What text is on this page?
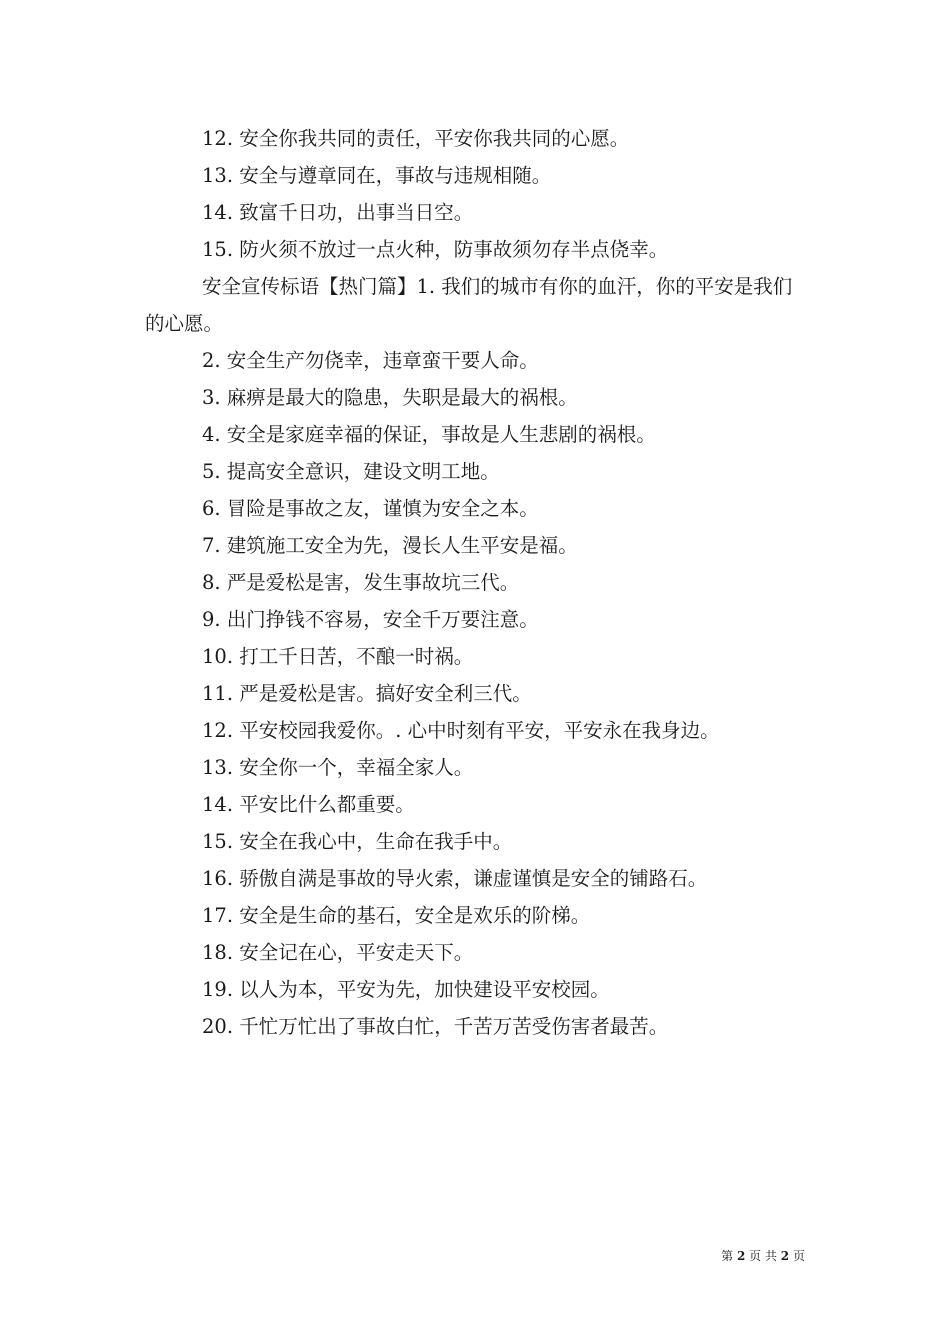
12. 安全你我共同的责任，平安你我共同的心愿。
13. 安全与遵章同在，事故与违规相随。
14. 致富千日功，出事当日空。
15. 防火须不放过一点火种，防事故须勿存半点侥幸。
安全宣传标语【热门篇】1. 我们的城市有你的血汗，你的平安是我们的心愿。
2. 安全生产勿侥幸，违章蛮干要人命。
3. 麻痹是最大的隐患，失职是最大的祸根。
4. 安全是家庭幸福的保证，事故是人生悲剧的祸根。
5. 提高安全意识，建设文明工地。
6. 冒险是事故之友，谨慎为安全之本。
7. 建筑施工安全为先，漫长人生平安是福。
8. 严是爱松是害，发生事故坑三代。
9. 出门挣钱不容易，安全千万要注意。
10. 打工千日苦，不酿一时祸。
11. 严是爱松是害。搞好安全利三代。
12. 平安校园我爱你。. 心中时刻有平安，平安永在我身边。
13. 安全你一个，幸福全家人。
14. 平安比什么都重要。
15. 安全在我心中，生命在我手中。
16. 骄傲自满是事故的导火索，谦虚谨慎是安全的铺路石。
17. 安全是生命的基石，安全是欢乐的阶梯。
18. 安全记在心，平安走天下。
19. 以人为本，平安为先，加快建设平安校园。
20. 千忙万忙出了事故白忙，千苦万苦受伤害者最苦。
第 2 页 共 2 页
